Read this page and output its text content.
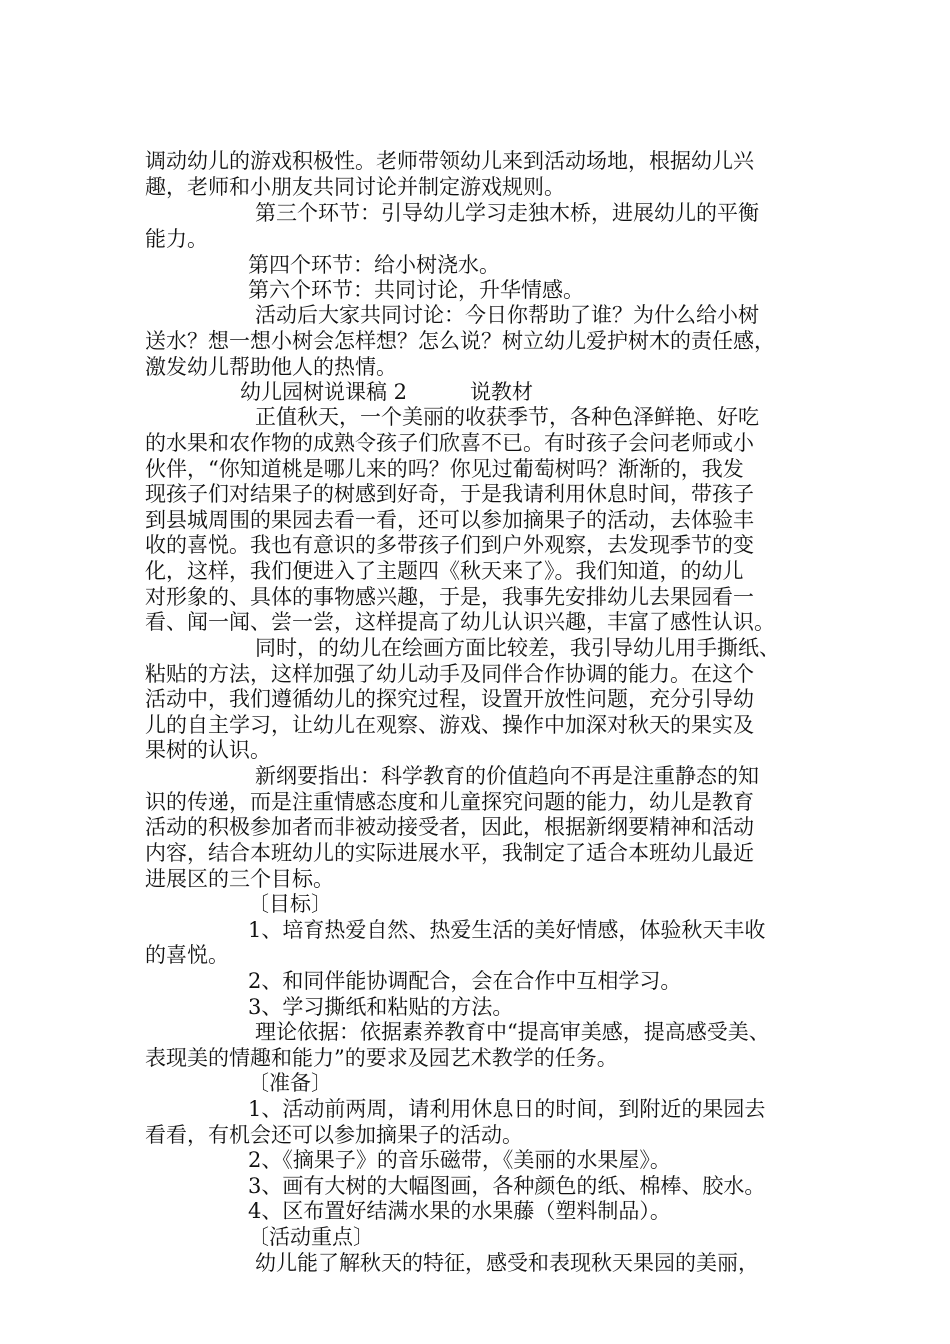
调动幼儿的游戏积极性。老师带领幼儿来到活动场地，根据幼儿兴

趣，老师和小朋友共同讨论并制定游戏规则。

第三个环节：引导幼儿学习走独木桥，进展幼儿的平衡

能力。

第四个环节：给小树浇水。

第六个环节：共同讨论，升华情感。

活动后大家共同讨论：今日你帮助了谁？为什么给小树

送水？想一想小树会怎样想？怎么说？树立幼儿爱护树木的责任感，

激发幼儿帮助他人的热情。

幼儿园树说课稿 2　　　说教材

正值秋天，一个美丽的收获季节，各种色泽鲜艳、好吃

的水果和农作物的成熟令孩子们欣喜不已。有时孩子会问老师或小

伙伴，“你知道桃是哪儿来的吗？你见过葡萄树吗？渐渐的，我发

现孩子们对结果子的树感到好奇，于是我请利用休息时间，带孩子

到县城周围的果园去看一看，还可以参加摘果子的活动，去体验丰

收的喜悦。我也有意识的多带孩子们到户外观察，去发现季节的变

化，这样，我们便进入了主题四《秋天来了》。我们知道，的幼儿

对形象的、具体的事物感兴趣，于是，我事先安排幼儿去果园看一

看、闻一闻、尝一尝，这样提高了幼儿认识兴趣，丰富了感性认识。

同时，的幼儿在绘画方面比较差，我引导幼儿用手撕纸、

粘贴的方法，这样加强了幼儿动手及同伴合作协调的能力。在这个

活动中，我们遵循幼儿的探究过程，设置开放性问题，充分引导幼

儿的自主学习，让幼儿在观察、游戏、操作中加深对秋天的果实及

果树的认识。

新纲要指出：科学教育的价值趋向不再是注重静态的知

识的传递，而是注重情感态度和儿童探究问题的能力，幼儿是教育

活动的积极参加者而非被动接受者，因此，根据新纲要精神和活动

内容，结合本班幼儿的实际进展水平，我制定了适合本班幼儿最近

进展区的三个目标。

〔目标〕

1、培育热爱自然、热爱生活的美好情感，体验秋天丰收

的喜悦。

2、和同伴能协调配合，会在合作中互相学习。

3、学习撕纸和粘贴的方法。

理论依据：依据素养教育中“提高审美感，提高感受美、

表现美的情趣和能力”的要求及园艺术教学的任务。

〔准备〕

1、活动前两周，请利用休息日的时间，到附近的果园去

看看，有机会还可以参加摘果子的活动。

2、《摘果子》的音乐磁带，《美丽的水果屋》。

3、画有大树的大幅图画，各种颜色的纸、棉棒、胶水。

4、区布置好结满水果的水果藤（塑料制品）。

〔活动重点〕

幼儿能了解秋天的特征，感受和表现秋天果园的美丽，
